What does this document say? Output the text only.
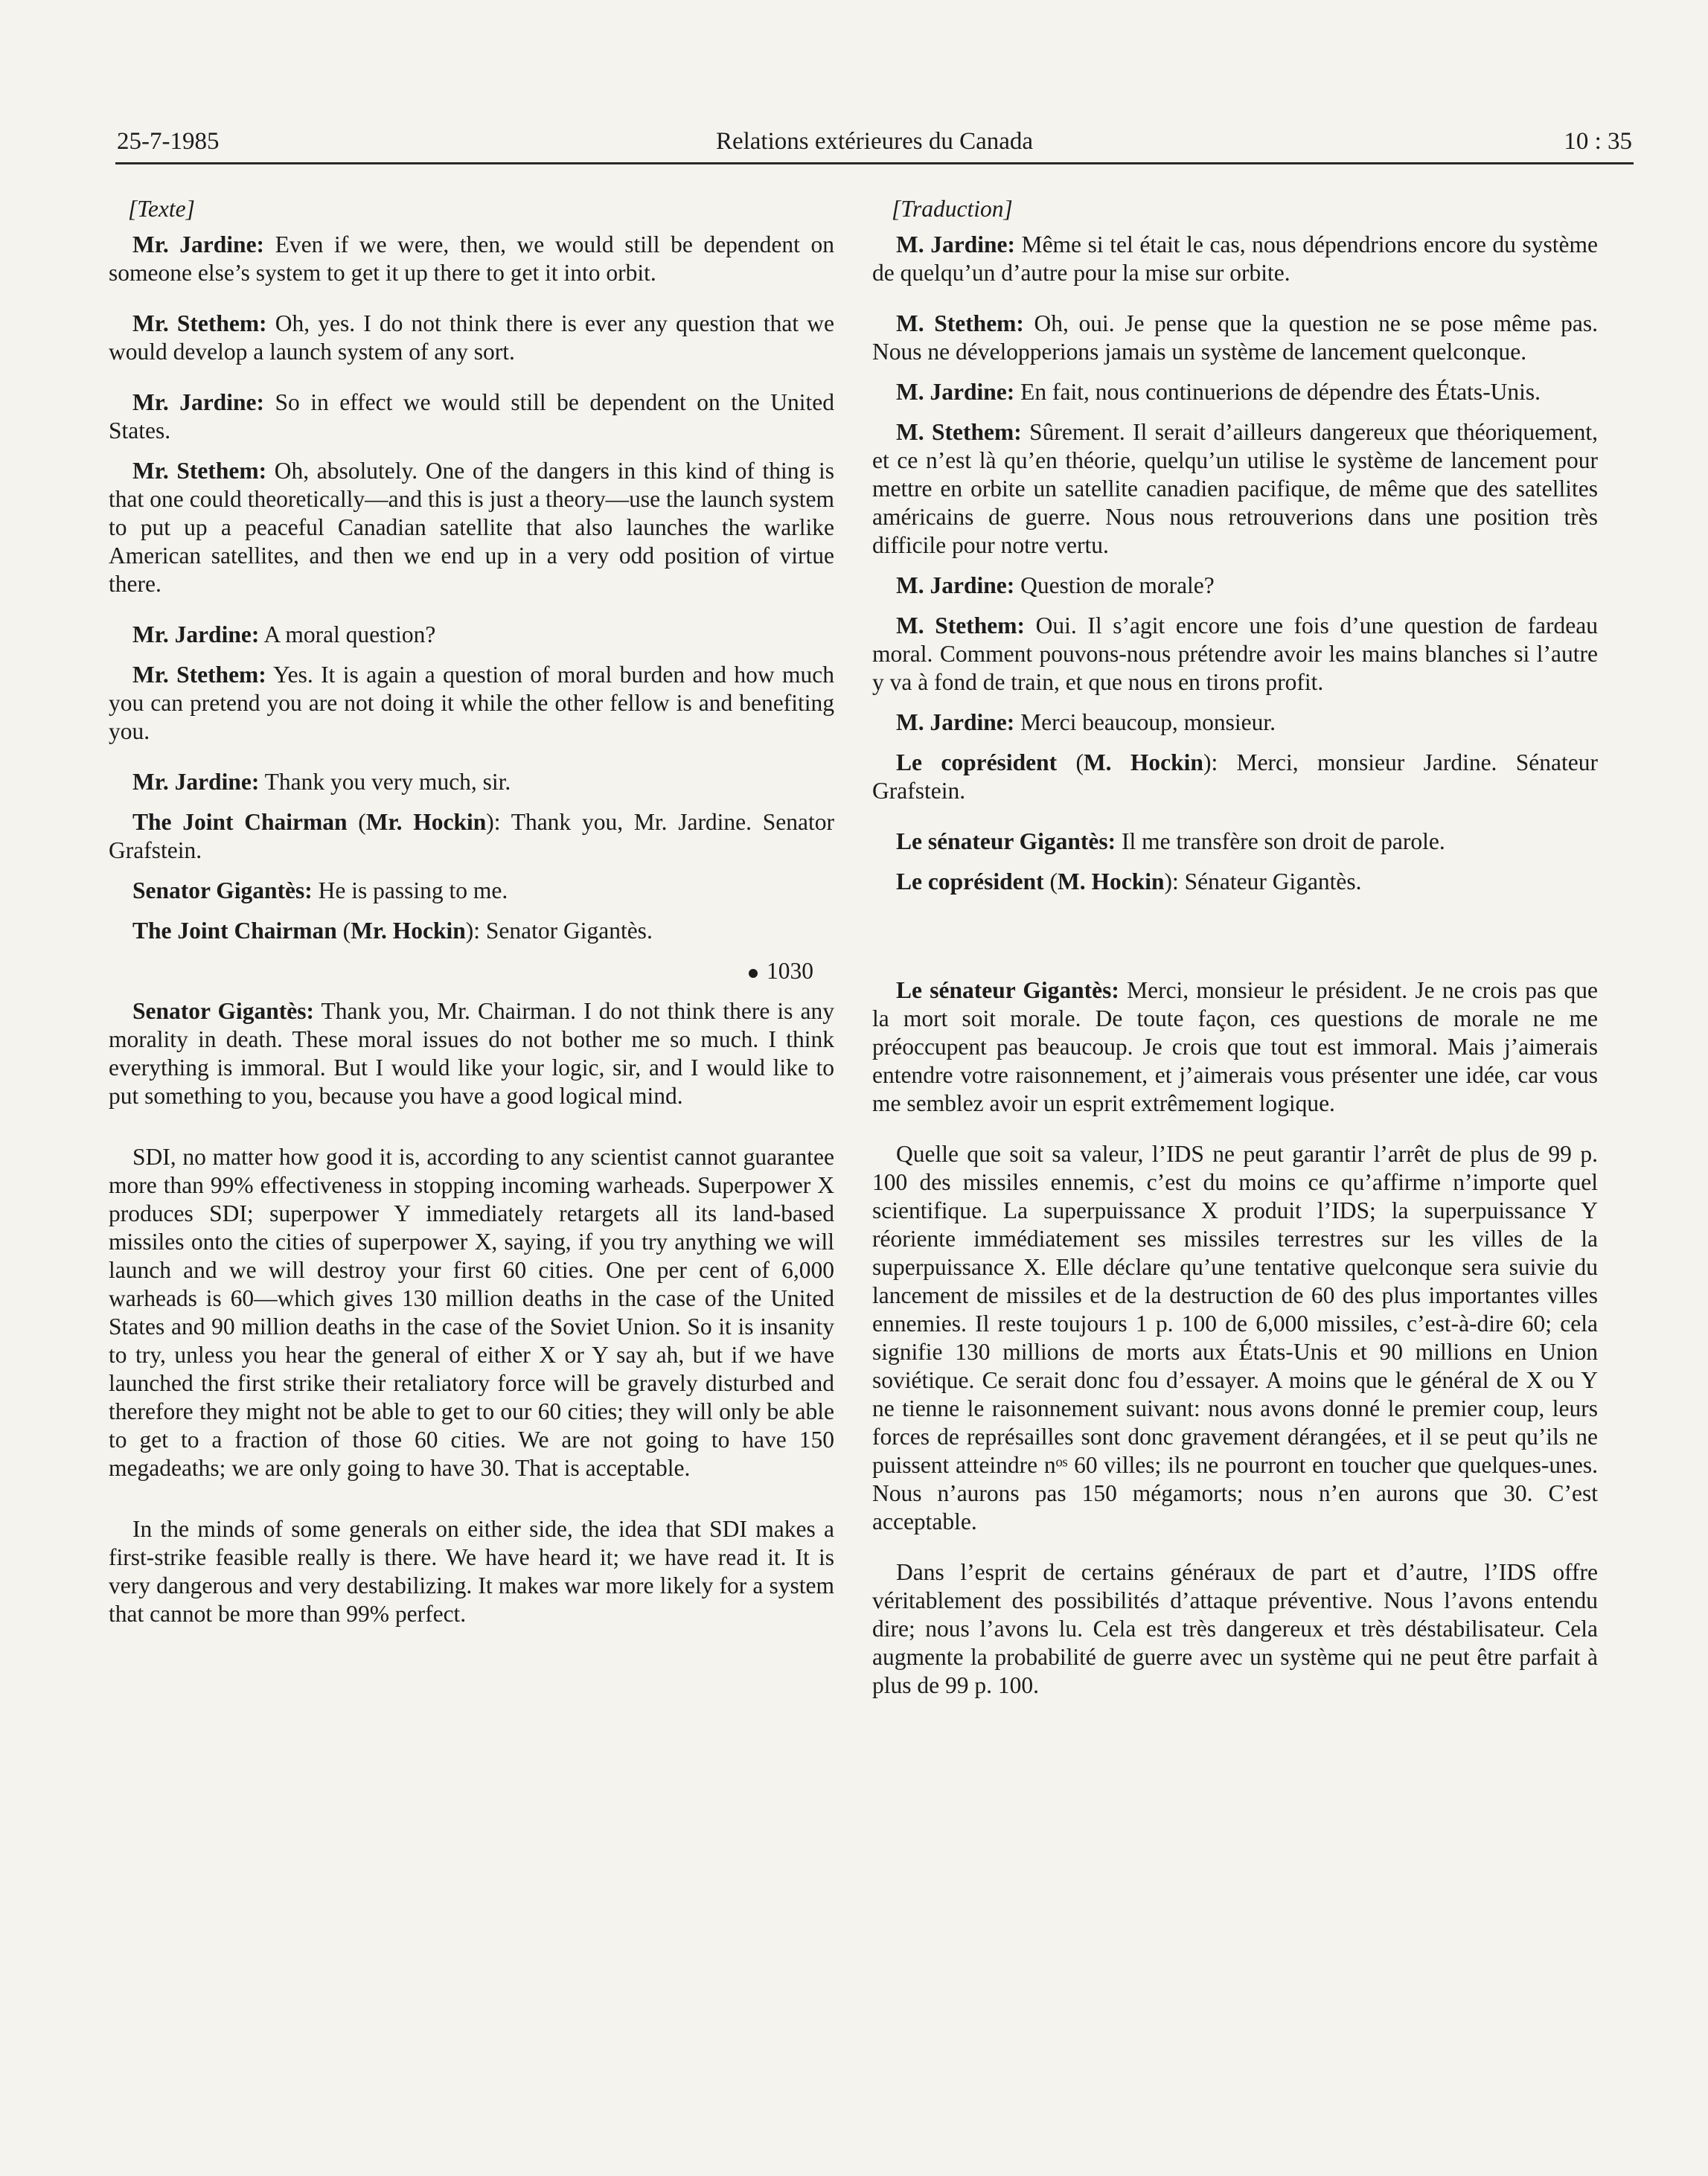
25-7-1985	Relations extérieures du Canada	10 : 35

[Texte]

Mr. Jardine: Even if we were, then, we would still be dependent on someone else’s system to get it up there to get it into orbit.

Mr. Stethem: Oh, yes. I do not think there is ever any question that we would develop a launch system of any sort.

Mr. Jardine: So in effect we would still be dependent on the United States.

Mr. Stethem: Oh, absolutely. One of the dangers in this kind of thing is that one could theoretically—and this is just a theory—use the launch system to put up a peaceful Canadian satellite that also launches the warlike American satellites, and then we end up in a very odd position of virtue there.

Mr. Jardine: A moral question?

Mr. Stethem: Yes. It is again a question of moral burden and how much you can pretend you are not doing it while the other fellow is and benefiting you.

Mr. Jardine: Thank you very much, sir.

The Joint Chairman (Mr. Hockin): Thank you, Mr. Jardine. Senator Grafstein.

Senator Gigantès: He is passing to me.

The Joint Chairman (Mr. Hockin): Senator Gigantès.

1030

Senator Gigantès: Thank you, Mr. Chairman. I do not think there is any morality in death. These moral issues do not bother me so much. I think everything is immoral. But I would like your logic, sir, and I would like to put something to you, because you have a good logical mind.

SDI, no matter how good it is, according to any scientist cannot guarantee more than 99% effectiveness in stopping incoming warheads. Superpower X produces SDI; superpower Y immediately retargets all its land-based missiles onto the cities of superpower X, saying, if you try anything we will launch and we will destroy your first 60 cities. One per cent of 6,000 warheads is 60—which gives 130 million deaths in the case of the United States and 90 million deaths in the case of the Soviet Union. So it is insanity to try, unless you hear the general of either X or Y say ah, but if we have launched the first strike their retaliatory force will be gravely disturbed and therefore they might not be able to get to our 60 cities; they will only be able to get to a fraction of those 60 cities. We are not going to have 150 megadeaths; we are only going to have 30. That is acceptable.

In the minds of some generals on either side, the idea that SDI makes a first-strike feasible really is there. We have heard it; we have read it. It is very dangerous and very destabilizing. It makes war more likely for a system that cannot be more than 99% perfect.

[Traduction]

M. Jardine: Même si tel était le cas, nous dépendrions encore du système de quelqu’un d’autre pour la mise sur orbite.

M. Stethem: Oh, oui. Je pense que la question ne se pose même pas. Nous ne développerions jamais un système de lancement quelconque.

M. Jardine: En fait, nous continuerions de dépendre des États-Unis.

M. Stethem: Sûrement. Il serait d’ailleurs dangereux que théoriquement, et ce n’est là qu’en théorie, quelqu’un utilise le système de lancement pour mettre en orbite un satellite canadien pacifique, de même que des satellites américains de guerre. Nous nous retrouverions dans une position très difficile pour notre vertu.

M. Jardine: Question de morale?

M. Stethem: Oui. Il s’agit encore une fois d’une question de fardeau moral. Comment pouvons-nous prétendre avoir les mains blanches si l’autre y va à fond de train, et que nous en tirons profit.

M. Jardine: Merci beaucoup, monsieur.

Le coprésident (M. Hockin): Merci, monsieur Jardine. Sénateur Grafstein.

Le sénateur Gigantès: Il me transfère son droit de parole.

Le coprésident (M. Hockin): Sénateur Gigantès.

Le sénateur Gigantès: Merci, monsieur le président. Je ne crois pas que la mort soit morale. De toute façon, ces questions de morale ne me préoccupent pas beaucoup. Je crois que tout est immoral. Mais j’aimerais entendre votre raisonnement, et j’aimerais vous présenter une idée, car vous me semblez avoir un esprit extrêmement logique.

Quelle que soit sa valeur, l’IDS ne peut garantir l’arrêt de plus de 99 p. 100 des missiles ennemis, c’est du moins ce qu’affirme n’importe quel scientifique. La superpuissance X produit l’IDS; la superpuissance Y réoriente immédiatement ses missiles terrestres sur les villes de la superpuissance X. Elle déclare qu’une tentative quelconque sera suivie du lancement de missiles et de la destruction de 60 des plus importantes villes ennemies. Il reste toujours 1 p. 100 de 6,000 missiles, c’est-à-dire 60; cela signifie 130 millions de morts aux États-Unis et 90 millions en Union soviétique. Ce serait donc fou d’essayer. A moins que le général de X ou Y ne tienne le raisonnement suivant: nous avons donné le premier coup, leurs forces de représailles sont donc gravement dérangées, et il se peut qu’ils ne puissent atteindre nᵒˢ 60 villes; ils ne pourront en toucher que quelques-unes. Nous n’aurons pas 150 mégamorts; nous n’en aurons que 30. C’est acceptable.

Dans l’esprit de certains généraux de part et d’autre, l’IDS offre véritablement des possibilités d’attaque préventive. Nous l’avons entendu dire; nous l’avons lu. Cela est très dangereux et très déstabilisateur. Cela augmente la probabilité de guerre avec un système qui ne peut être parfait à plus de 99 p. 100.
